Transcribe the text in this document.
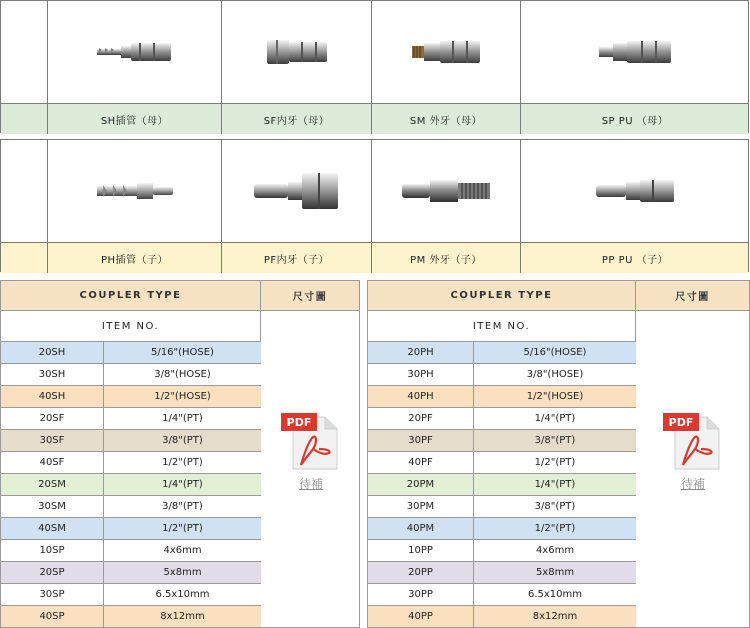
SH插管（母）	SF内牙（母）	SM 外牙（母）	SP PU （母）
PH插管（子）	PF内牙（子）	PM 外牙（子）	PP PU （子）
COUPLER TYPE	尺寸圖
ITEM NO.
PDF
待補
20SH	5/16"(HOSE)
30SH	3/8"(HOSE)
40SH	1/2"(HOSE)
20SF	1/4"(PT)
30SF	3/8"(PT)
40SF	1/2"(PT)
20SM	1/4"(PT)
30SM	3/8"(PT)
40SM	1/2"(PT)
10SP	4x6mm
20SP	5x8mm
30SP	6.5x10mm
40SP	8x12mm
COUPLER TYPE	尺寸圖
ITEM NO.
PDF
待補
20PH	5/16"(HOSE)
30PH	3/8"(HOSE)
40PH	1/2"(HOSE)
20PF	1/4"(PT)
30PF	3/8"(PT)
40PF	1/2"(PT)
20PM	1/4"(PT)
30PM	3/8"(PT)
40PM	1/2"(PT)
10PP	4x6mm
20PP	5x8mm
30PP	6.5x10mm
40PP	8x12mm
